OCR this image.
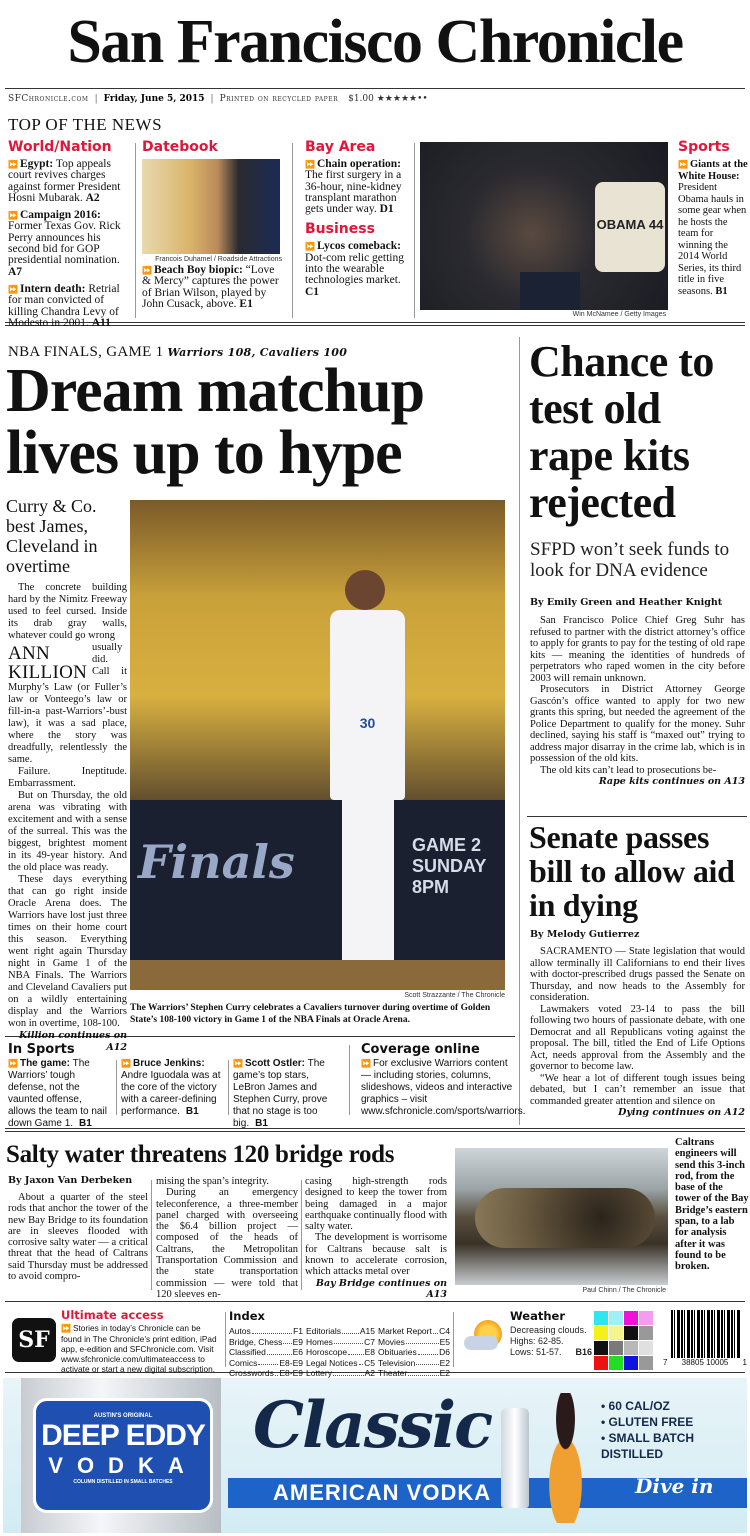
San Francisco Chronicle
SFChronicle.com | Friday, June 5, 2015 | Printed on recycled paper $1.00 ★★★★★••
TOP OF THE NEWS
World/Nation
⏩ Egypt: Top appeals court revives charges against former President Hosni Mubarak. A2
⏩ Campaign 2016: Former Texas Gov. Rick Perry announces his second bid for GOP presidential nomination. A7
⏩ Intern death: Retrial for man convicted of killing Chandra Levy of Modesto in 2001. A11
Datebook
Francois Duhamel / Roadside Attractions
⏩ Beach Boy biopic: “Love & Mercy” captures the power of Brian Wilson, played by John Cusack, above. E1
Bay Area
⏩ Chain operation: The first surgery in a 36-hour, nine-kidney transplant marathon gets under way. D1
Business
⏩ Lycos comeback: Dot-com relic getting into the wearable technologies market. C1
OBAMA 44
Win McNamee / Getty Images
Sports
⏩ Giants at the White House: President Obama hauls in some gear when he hosts the team for winning the 2014 World Series, its third title in five seasons. B1
NBA FINALS, GAME 1 Warriors 108, Cavaliers 100
Dream matchup lives up to hype
Curry & Co. best James, Cleveland in overtime

The concrete building hard by the Nimitz Freeway used to feel cursed. Inside its drab gray walls, whatever could go wrong

ANN KILLION
usually did. Call it Murphy’s Law (or Fuller’s law or Vonteego’s law or fill-in-a past-Warriors’-bust law), it was a sad place, where the story was dreadfully, relentlessly the same.

Failure. Ineptitude. Embarrassment.

But on Thursday, the old arena was vibrating with excitement and with a sense of the surreal. This was the biggest, brightest moment in its 49-year history. And the old place was ready.

These days everything that can go right inside Oracle Arena does. The Warriors have lost just three times on their home court this season. Everything went right again Thursday night in Game 1 of the NBA Finals. The Warriors and Cleveland Cavaliers put on a wildly entertaining display and the Warriors won in overtime, 108-100.

Killion continues on A12
30
Finals	GAME 2 SUNDAY 8PM
Scott Strazzante / The Chronicle
The Warriors’ Stephen Curry celebrates a Cavaliers turnover during overtime of Golden State’s 108-100 victory in Game 1 of the NBA Finals at Oracle Arena.
Chance to test old rape kits rejected
SFPD won’t seek funds to look for DNA evidence
By Emily Green and Heather Knight

San Francisco Police Chief Greg Suhr has refused to partner with the district attorney’s office to apply for grants to pay for the testing of old rape kits — meaning the identities of hundreds of perpetrators who raped women in the city before 2003 will remain unknown.

Prosecutors in District Attorney George Gascón’s office wanted to apply for two new grants this spring, but needed the agreement of the Police Department to qualify for the money. Suhr declined, saying his staff is “maxed out” trying to address major disarray in the crime lab, which is in possession of the old kits.

The old kits can’t lead to prosecutions be-

Rape kits continues on A13
Senate passes bill to allow aid in dying
By Melody Gutierrez

SACRAMENTO — State legislation that would allow terminally ill Californians to end their lives with doctor-prescribed drugs passed the Senate on Thursday, and now heads to the Assembly for consideration.

Lawmakers voted 23-14 to pass the bill following two hours of passionate debate, with one Democrat and all Republicans voting against the proposal. The bill, titled the End of Life Options Act, needs approval from the Assembly and the governor to become law.

“We hear a lot of different tough issues being debated, but I can’t remember an issue that commanded greater attention and silence on

Dying continues on A12
In Sports
⏩ The game: The Warriors’ tough defense, not the vaunted offense, allows the team to nail down Game 1. B1
⏩ Bruce Jenkins: Andre Iguodala was at the core of the victory with a career-defining performance. B1
⏩ Scott Ostler: The game’s top stars, LeBron James and Stephen Curry, prove that no stage is too big. B1
Coverage online
⏩ For exclusive Warriors content — including stories, columns, slideshows, videos and interactive graphics – visit www.sfchronicle.com/sports/warriors.
Salty water threatens 120 bridge rods
By Jaxon Van Derbeken

About a quarter of the steel rods that anchor the tower of the new Bay Bridge to its foundation are in sleeves flooded with corrosive salty water — a critical threat that the head of Caltrans said Thursday must be addressed to avoid compro-

mising the span’s integrity.

During an emergency teleconference, a three-member panel charged with overseeing the $6.4 billion project — composed of the heads of Caltrans, the Metropolitan Transportation Commission and the state transportation commission — were told that 120 sleeves en-

casing high-strength rods designed to keep the tower from being damaged in a major earthquake continually flood with salty water.

The development is worrisome for Caltrans because salt is known to accelerate corrosion, which attacks metal over

Bay Bridge continues on A13	Paul Chinn / The Chronicle
Caltrans engineers will send this 3-inch rod, from the base of the tower of the Bay Bridge’s eastern span, to a lab for analysis after it was found to be broken.
SF
Ultimate access
⏩ Stories in today’s Chronicle can be found in The Chronicle’s print edition, iPad app, e-edition and SFChronicle.com. Visit www.sfchronicle.com/ultimateaccess to activate or start a new digital subscription.
Index
Autos	F1
Bridge, Chess E9
Classified	E6
Comics	E8-E9
Crosswords E8-E9
Editorials A15
Homes	C7
Horoscope E8
Legal Notices C5
Lottery	A2
Market Report C4
Movies	E5
Obituaries	D6
Television	E2
Theater	E2
Weather
Decreasing clouds.
Highs: 62-85.
Lows: 51-57. B16
7 38805 10005 1
AUSTIN'S ORIGINAL
DEEP EDDY
VODKA
COLUMN DISTILLED IN SMALL BATCHES
Classic
AMERICAN VODKA
• 60 CAL/OZ
• GLUTEN FREE
• SMALL BATCH DISTILLED
Dive in
